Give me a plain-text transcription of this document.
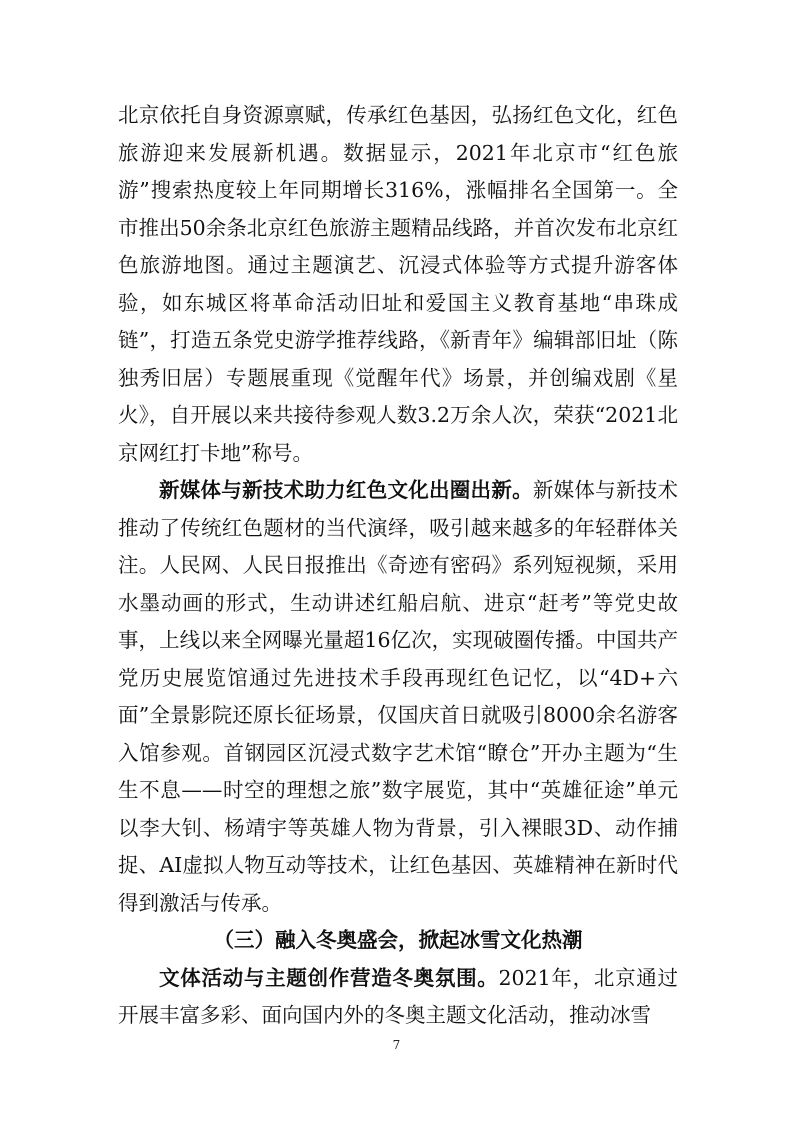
北京依托自身资源禀赋，传承红色基因，弘扬红色文化，红色旅游迎来发展新机遇。数据显示，2021年北京市“红色旅游”搜索热度较上年同期增长316%，涨幅排名全国第一。全市推出50余条北京红色旅游主题精品线路，并首次发布北京红色旅游地图。通过主题演艺、沉浸式体验等方式提升游客体验，如东城区将革命活动旧址和爱国主义教育基地“串珠成链”，打造五条党史游学推荐线路，《新青年》编辑部旧址（陈独秀旧居）专题展重现《觉醒年代》场景，并创编戏剧《星火》，自开展以来共接待参观人数3.2万余人次，荣获“2021北京网红打卡地”称号。

新媒体与新技术助力红色文化出圈出新。新媒体与新技术推动了传统红色题材的当代演绎，吸引越来越多的年轻群体关注。人民网、人民日报推出《奇迹有密码》系列短视频，采用水墨动画的形式，生动讲述红船启航、进京“赶考”等党史故事，上线以来全网曝光量超16亿次，实现破圈传播。中国共产党历史展览馆通过先进技术手段再现红色记忆，以“4D+六面”全景影院还原长征场景，仅国庆首日就吸引8000余名游客入馆参观。首钢园区沉浸式数字艺术馆“瞭仓”开办主题为“生生不息——时空的理想之旅”数字展览，其中“英雄征途”单元以李大钊、杨靖宇等英雄人物为背景，引入裸眼3D、动作捕捉、AI虚拟人物互动等技术，让红色基因、英雄精神在新时代得到激活与传承。

（三）融入冬奥盛会，掀起冰雪文化热潮

文体活动与主题创作营造冬奥氛围。2021年，北京通过开展丰富多彩、面向国内外的冬奥主题文化活动，推动冰雪

7
